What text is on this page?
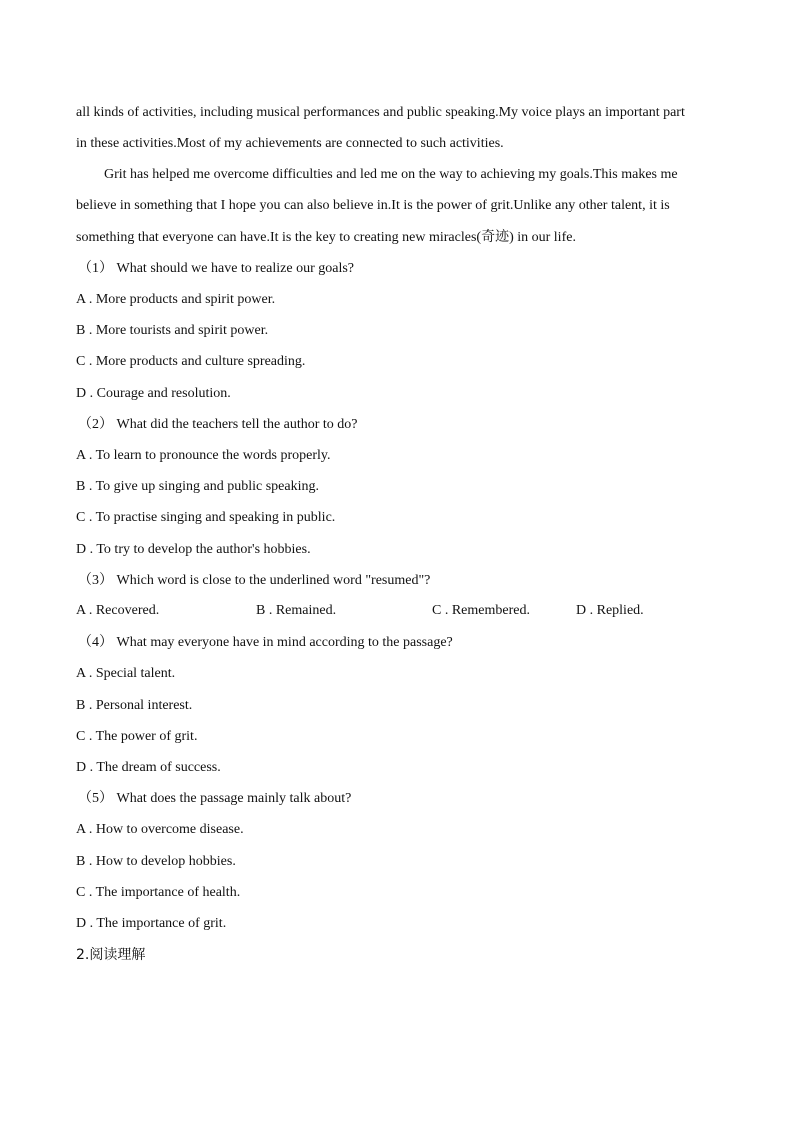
all kinds of activities, including musical performances and public speaking.My voice plays an important part
in these activities.Most of my achievements are connected to such activities.
Grit has helped me overcome difficulties and led me on the way to achieving my goals.This makes me
believe in something that I hope you can also believe in.It is the power of grit.Unlike any other talent, it is
something that everyone can have.It is the key to creating new miracles(奇迹) in our life.
（1） What should we have to realize our goals?
A . More products and spirit power.
B . More tourists and spirit power.
C . More products and culture spreading.
D . Courage and resolution.
（2） What did the teachers tell the author to do?
A . To learn to pronounce the words properly.
B . To give up singing and public speaking.
C . To practise singing and speaking in public.
D . To try to develop the author's hobbies.
（3） Which word is close to the underlined word "resumed"?
A . Recovered.	B . Remained.	C . Remembered.	D . Replied.
（4） What may everyone have in mind according to the passage?
A . Special talent.
B . Personal interest.
C . The power of grit.
D . The dream of success.
（5） What does the passage mainly talk about?
A . How to overcome disease.
B . How to develop hobbies.
C . The importance of health.
D . The importance of grit.
2.阅读理解
